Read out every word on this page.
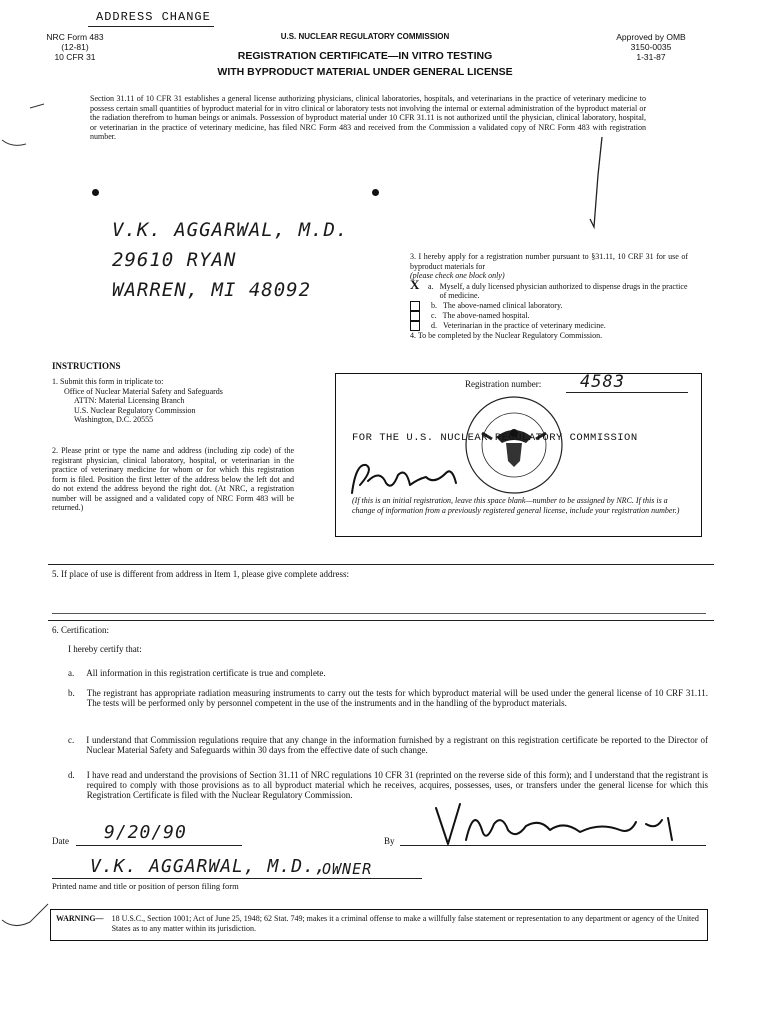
ADDRESS CHANGE
NRC Form 483
(12-81)
10 CFR 31
U.S. NUCLEAR REGULATORY COMMISSION
REGISTRATION CERTIFICATE—IN VITRO TESTING
WITH BYPRODUCT MATERIAL UNDER GENERAL LICENSE
Approved by OMB
3150-0035
1-31-87
Section 31.11 of 10 CFR 31 establishes a general license authorizing physicians, clinical laboratories, hospitals, and veterinarians in the practice of veterinary medicine to possess certain small quantities of byproduct material for in vitro clinical or laboratory tests not involving the internal or external administration of the byproduct material or the radiation therefrom to human beings or animals. Possession of byproduct material under 10 CFR 31.11 is not authorized until the physician, clinical laboratory, hospital, or veterinarian in the practice of veterinary medicine, has filed NRC Form 483 and received from the Commission a validated copy of NRC Form 483 with registration number.
V.K. AGGARWAL, M.D.
29610 RYAN
WARREN, MI 48092
3. I hereby apply for a registration number pursuant to §31.11, 10 CRF 31 for use of byproduct materials for
(please check one block only)
X	a. Myself, a duly licensed physician authorized to dispense drugs in the practice of medicine.
b. The above-named clinical laboratory.
c. The above-named hospital.
d. Veterinarian in the practice of veterinary medicine.
4. To be completed by the Nuclear Regulatory Commission.
INSTRUCTIONS
1. Submit this form in triplicate to:
Office of Nuclear Material Safety and Safeguards
ATTN: Material Licensing Branch
U.S. Nuclear Regulatory Commission
Washington, D.C. 20555
2. Please print or type the name and address (including zip code) of the registrant physician, clinical laboratory, hospital, or veterinarian in the practice of veterinary medicine for whom or for which this registration form is filed. Position the first letter of the address below the left dot and do not extend the address beyond the right dot. (At NRC, a registration number will be assigned and a validated copy of NRC Form 483 will be returned.)
Registration number: 4583
FOR THE U.S. NUCLEAR REGULATORY COMMISSION
(If this is an initial registration, leave this space blank—number to be assigned by NRC. If this is a change of information from a previously registered general license, include your registration number.)
5. If place of use is different from address in Item 1, please give complete address:
6. Certification:
I hereby certify that:
a. All information in this registration certificate is true and complete.
b. The registrant has appropriate radiation measuring instruments to carry out the tests for which byproduct material will be used under the general license of 10 CRF 31.11. The tests will be performed only by personnel competent in the use of the instruments and in the handling of the byproduct materials.
c. I understand that Commission regulations require that any change in the information furnished by a registrant on this registration certificate be reported to the Director of Nuclear Material Safety and Safeguards within 30 days from the effective date of such change.
d. I have read and understand the provisions of Section 31.11 of NRC regulations 10 CFR 31 (reprinted on the reverse side of this form); and I understand that the registrant is required to comply with those provisions as to all byproduct material which he receives, acquires, possesses, uses, or transfers under the general license for which this Registration Certificate is filed with the Nuclear Regulatory Commission.
Date 9/20/90	By
V.K. AGGARWAL, M.D.,
OWNER
Printed name and title or position of person filing form
WARNING— 18 U.S.C., Section 1001; Act of June 25, 1948; 62 Stat. 749; makes it a criminal offense to make a willfully false statement or representation to any department or agency of the United States as to any matter within its jurisdiction.
